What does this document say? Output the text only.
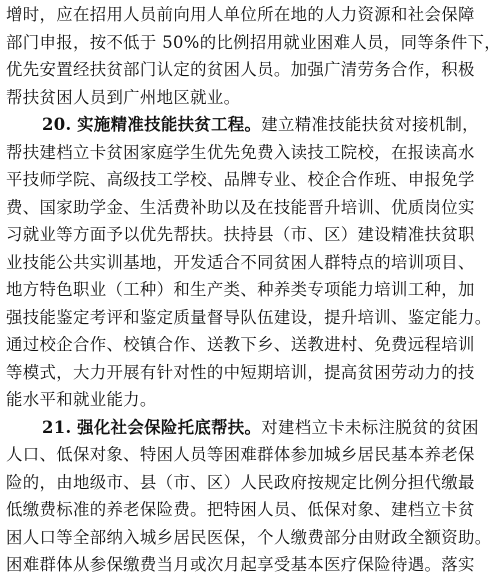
增时，应在招用人员前向用人单位所在地的人力资源和社会保障
部门申报，按不低于 50%的比例招用就业困难人员，同等条件下，
优先安置经扶贫部门认定的贫困人员。加强广清劳务合作，积极
帮扶贫困人员到广州地区就业。
20. 实施精准技能扶贫工程。建立精准技能扶贫对接机制，
帮扶建档立卡贫困家庭学生优先免费入读技工院校，在报读高水
平技师学院、高级技工学校、品牌专业、校企合作班、申报免学
费、国家助学金、生活费补助以及在技能晋升培训、优质岗位实
习就业等方面予以优先帮扶。扶持县（市、区）建设精准扶贫职
业技能公共实训基地，开发适合不同贫困人群特点的培训项目、
地方特色职业（工种）和生产类、种养类专项能力培训工种，加
强技能鉴定考评和鉴定质量督导队伍建设，提升培训、鉴定能力。
通过校企合作、校镇合作、送教下乡、送教进村、免费远程培训
等模式，大力开展有针对性的中短期培训，提高贫困劳动力的技
能水平和就业能力。
21. 强化社会保险托底帮扶。对建档立卡未标注脱贫的贫困
人口、低保对象、特困人员等困难群体参加城乡居民基本养老保
险的，由地级市、县（市、区）人民政府按规定比例分担代缴最
低缴费标准的养老保险费。把特困人员、低保对象、建档立卡贫
困人口等全部纳入城乡居民医保，个人缴费部分由财政全额资助。
困难群体从参保缴费当月或次月起享受基本医疗保险待遇。落实
